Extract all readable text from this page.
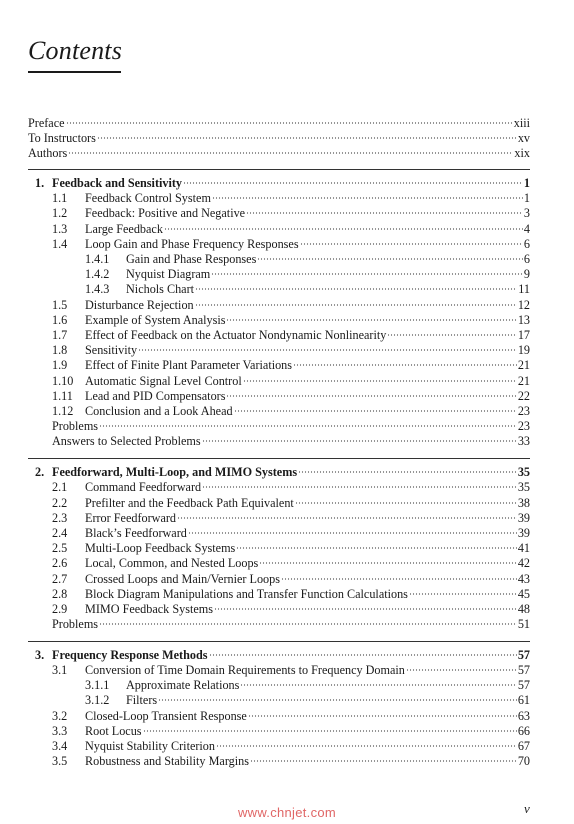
Contents
Preface	xiii
To Instructors	xv
Authors	xix
1. Feedback and Sensitivity	1
1.1	Feedback Control System	1
1.2	Feedback: Positive and Negative	3
1.3	Large Feedback	4
1.4	Loop Gain and Phase Frequency Responses	6
1.4.1	Gain and Phase Responses	6
1.4.2	Nyquist Diagram	9
1.4.3	Nichols Chart	11
1.5	Disturbance Rejection	12
1.6	Example of System Analysis	13
1.7	Effect of Feedback on the Actuator Nondynamic Nonlinearity	17
1.8	Sensitivity	19
1.9	Effect of Finite Plant Parameter Variations	21
1.10 Automatic Signal Level Control	21
1.11 Lead and PID Compensators	22
1.12 Conclusion and a Look Ahead	23
Problems	23
Answers to Selected Problems	33
2. Feedforward, Multi-Loop, and MIMO Systems	35
2.1	Command Feedforward	35
2.2	Prefilter and the Feedback Path Equivalent	38
2.3	Error Feedforward	39
2.4	Black’s Feedforward	39
2.5	Multi-Loop Feedback Systems	41
2.6	Local, Common, and Nested Loops	42
2.7	Crossed Loops and Main/Vernier Loops	43
2.8	Block Diagram Manipulations and Transfer Function Calculations	45
2.9	MIMO Feedback Systems	48
Problems	51
3. Frequency Response Methods	57
3.1	Conversion of Time Domain Requirements to Frequency Domain	57
3.1.1	Approximate Relations	57
3.1.2	Filters	61
3.2	Closed-Loop Transient Response	63
3.3	Root Locus	66
3.4	Nyquist Stability Criterion	67
3.5	Robustness and Stability Margins	70
www.chnjet.com	v
